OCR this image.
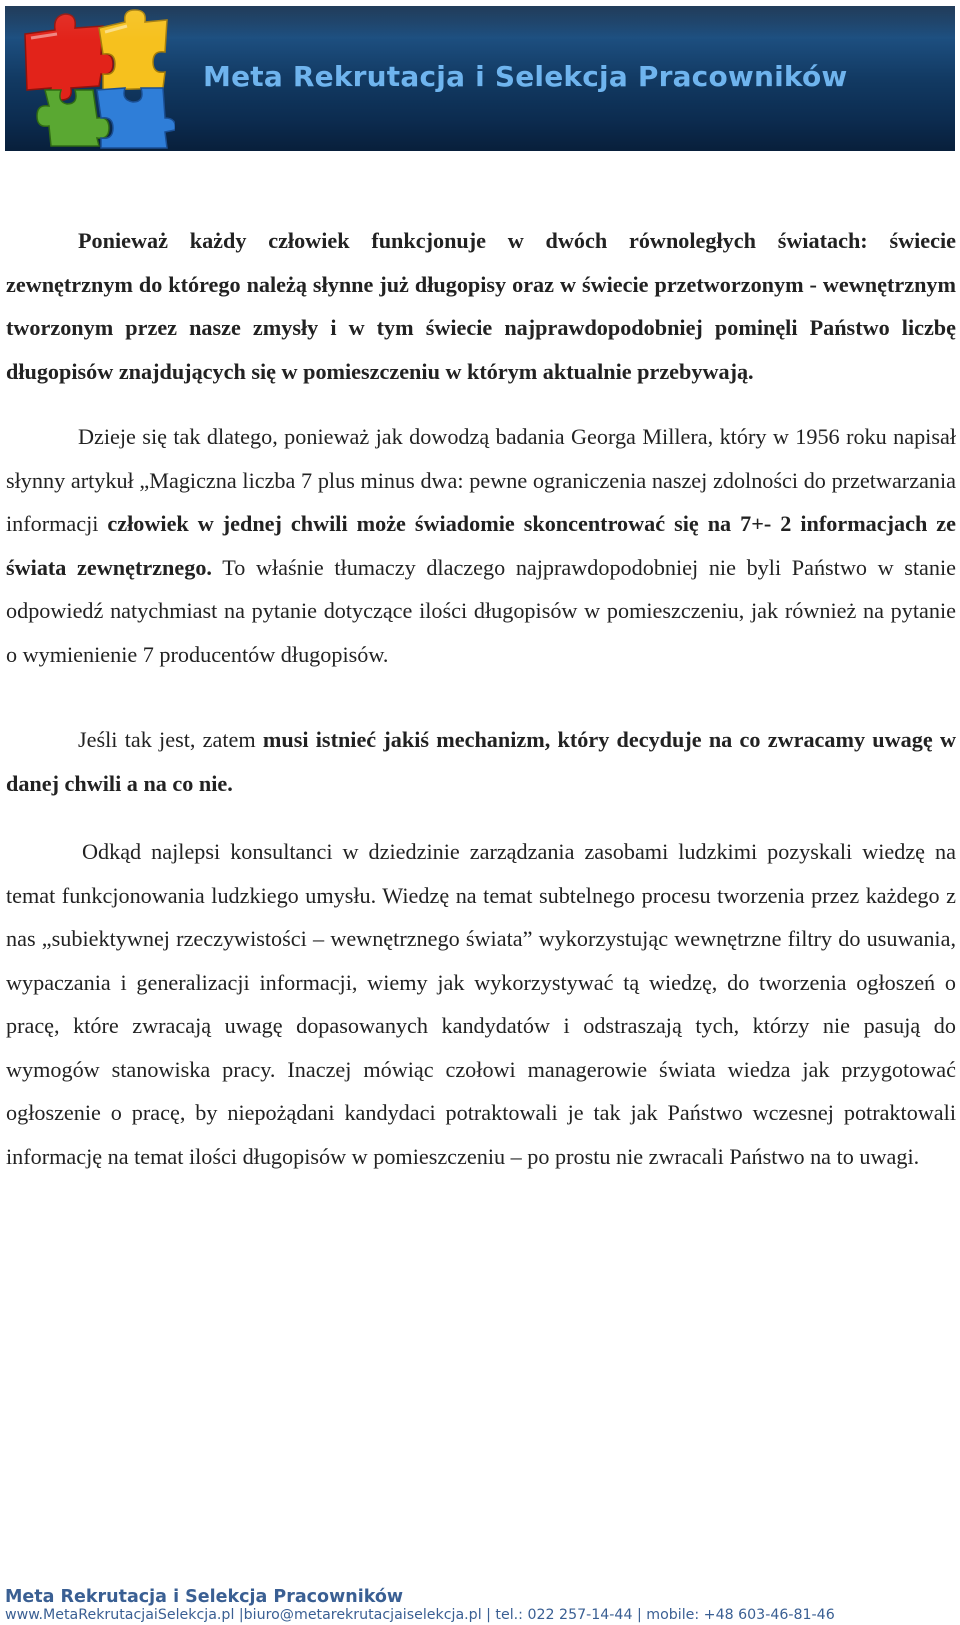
Meta Rekrutacja i Selekcja Pracowników

Ponieważ każdy człowiek funkcjonuje w dwóch równoległych światach: świecie zewnętrznym do którego należą słynne już długopisy oraz w świecie przetworzonym - wewnętrznym tworzonym przez nasze zmysły i w tym świecie najprawdopodobniej pominęli Państwo liczbę długopisów znajdujących się w pomieszczeniu w którym aktualnie przebywają.

Dzieje się tak dlatego, ponieważ jak dowodzą badania Georga Millera, który w 1956 roku napisał słynny artykuł „Magiczna liczba 7 plus minus dwa: pewne ograniczenia naszej zdolności do przetwarzania informacji człowiek w jednej chwili może świadomie skoncentrować się na 7+- 2 informacjach ze świata zewnętrznego. To właśnie tłumaczy dlaczego najprawdopodobniej nie byli Państwo w stanie odpowiedź natychmiast na pytanie dotyczące ilości długopisów w pomieszczeniu, jak również na pytanie o wymienienie 7 producentów długopisów.

Jeśli tak jest, zatem musi istnieć jakiś mechanizm, który decyduje na co zwracamy uwagę w danej chwili a na co nie.

Odkąd najlepsi konsultanci w dziedzinie zarządzania zasobami ludzkimi pozyskali wiedzę na temat funkcjonowania ludzkiego umysłu. Wiedzę na temat subtelnego procesu tworzenia przez każdego z nas „subiektywnej rzeczywistości – wewnętrznego świata” wykorzystując wewnętrzne filtry do usuwania, wypaczania i generalizacji informacji, wiemy jak wykorzystywać tą wiedzę, do tworzenia ogłoszeń o pracę, które zwracają uwagę dopasowanych kandydatów i odstraszają tych, którzy nie pasują do wymogów stanowiska pracy. Inaczej mówiąc czołowi managerowie świata wiedza jak przygotować ogłoszenie o pracę, by niepożądani kandydaci potraktowali je tak jak Państwo wczesnej potraktowali informację na temat ilości długopisów w pomieszczeniu – po prostu nie zwracali Państwo na to uwagi.

Meta Rekrutacja i Selekcja Pracowników
www.MetaRekrutacjaiSelekcja.pl |biuro@metarekrutacjaiselekcja.pl | tel.: 022 257-14-44 | mobile: +48 603-46-81-46
